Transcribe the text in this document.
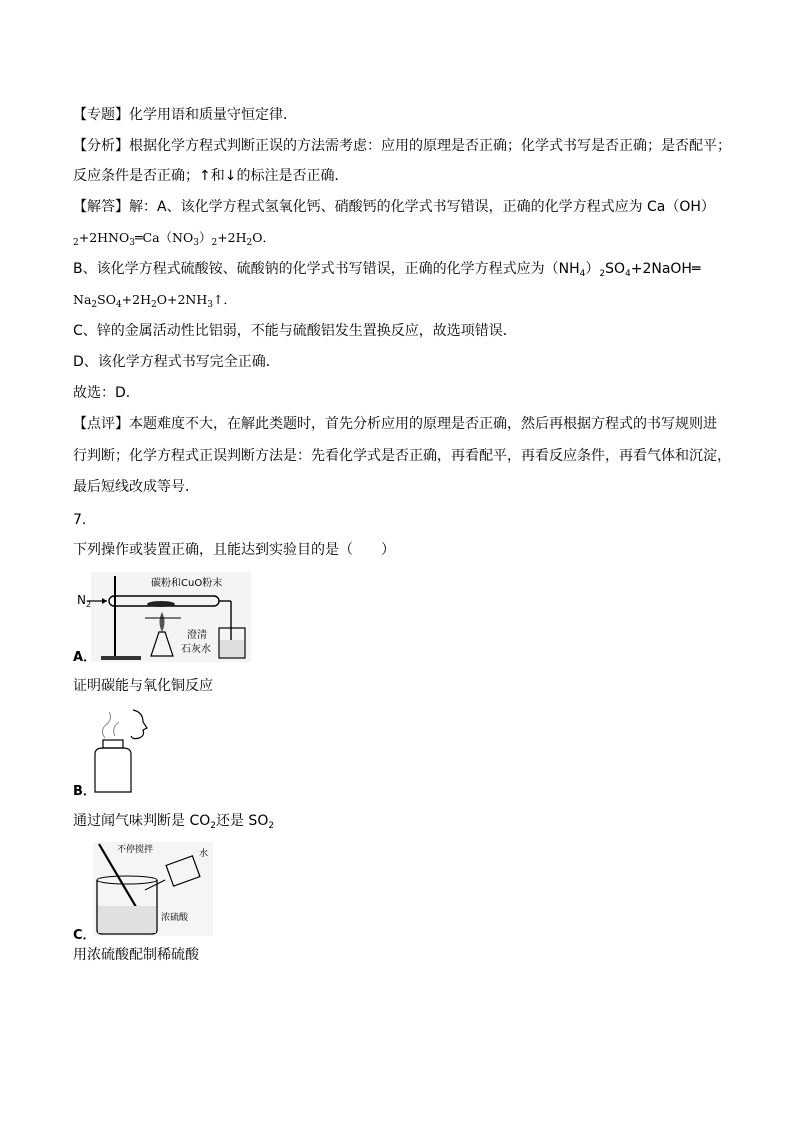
【专题】化学用语和质量守恒定律．
【分析】根据化学方程式判断正误的方法需考虑：应用的原理是否正确；化学式书写是否正确；是否配平；
反应条件是否正确；↑和↓的标注是否正确．
【解答】解：A、该化学方程式氢氧化钙、硝酸钙的化学式书写错误，正确的化学方程式应为 Ca（OH）
$_2+2HNO_3═Ca(NO_3)_2+2H_2O$．
B、该化学方程式硫酸铵、硫酸钠的化学式书写错误，正确的化学方程式应为$(NH_4)_2SO_4+2NaOH═$
$Na_2SO_4+2H_2O+2NH_3↑$．
C、锌的金属活动性比铝弱，不能与硫酸铝发生置换反应，故选项错误．
D、该化学方程式书写完全正确．
故选：D．
【点评】本题难度不大，在解此类题时，首先分析应用的原理是否正确，然后再根据方程式的书写规则进
行判断；化学方程式正误判断方法是：先看化学式是否正确，再看配平，再看反应条件，再看气体和沉淀，
最后短线改成等号．
7.
下列操作或装置正确，且能达到实验目的是（　　）
$N_2$
碳粉和CuO粉末
澄清
石灰水
A．
证明碳能与氧化铜反应
B．
通过闻气味判断是 $CO_2$还是 $SO_2$
不停搅拌	水
浓硫酸
C．
用浓硫酸配制稀硫酸
